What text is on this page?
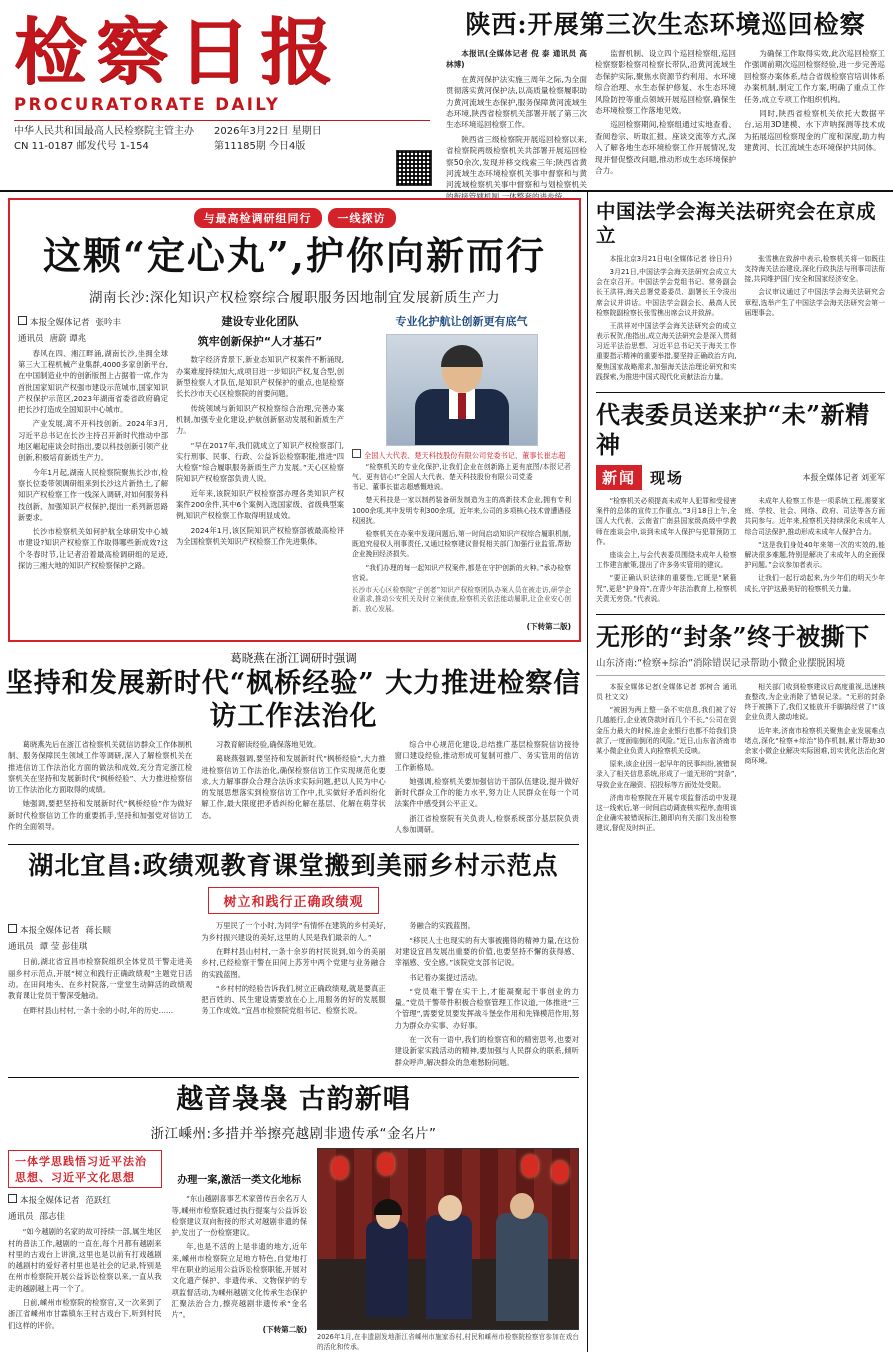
检察日报
PROCURATORATE DAILY
中华人民共和国最高人民检察院主管主办
CN 11-0187 邮发代号 1-154
2026年3月22日 星期日
第11185期 今日4版
陕西:开展第三次生态环境巡回检察

本报讯(全媒体记者 倪 泰 通讯员 高林博)

在黄河保护法实施三周年之际,为全面贯彻落实黄河保护法,以高质量检察履职助力黄河流域生态保护,服务保障黄河流域生态环境,陕西省检察机关部署开展了第三次生态环境巡回检察工作。

陕西省三级检察院开展巡回检察以来,省检察院两级检察机关共部署开展巡回检察50余次,发现并移交线索三年;陕西省黄河流域生态环境检察机关事中督察和与黄河流域检察机关事中督察和与划检察机关的衔接管辖机制,一体整套的进步统。

监督机制、设立四个巡回检察组,巡回检察察影检察司检察长带队,沿黄河流域生态保护实际,聚焦水资源节约利用、水环境综合治理、水生态保护修复、水生态环境风险防控等重点领域开展巡回检察,确保生态环境检察工作落地见效。

巡回检察期间,检察组通过实地查看、查阅卷宗、听取汇报、座谈交流等方式,深入了解各地生态环境检察工作开展情况,发现并督促整改问题,推动形成生态环境保护合力。

为确保工作取得实效,此次巡回检察工作强调前期次巡回检察经验,进一步完善巡回检察办案体系,结合省级检察官培训体系办案机制,制定工作方案,明确了重点工作任务,成立专项工作组织机构。

同时,陕西省检察机关依托大数据平台,运用3D建模、水下声呐探测等技术成为拓展巡回检察现金的广度和深度,助力构建黄河、长江流域生态环境保护共同体。

与最高检调研组同行	一线探访
这颗“定心丸”,护你向新而行
湖南长沙:深化知识产权检察综合履职服务因地制宜发展新质生产力
本报全媒体记者 张吟丰
通讯员 唐蔚 谭兆

春风在四、湘江畔涌,湖南长沙,坐拥全球第三大工程机械产业集群,4000多家创新平台,在中国制造业中的创新版图上占据着一席,作为首批国家知识产权强市建设示范城市,国家知识产权保护示范区,2023年湖南省委省政府确定把长沙打造成全国知识中心城市。

产业发展,离不开科技创新。2024年3月,习近平总书记在长沙主持召开新时代推动中部地区崛起座谈会时指出,要以科技创新引领产业创新,积极培育新质生产力。

今年1月起,湖南人民检察院聚焦长沙市,检察长位委带领调研组来到长沙这片新热土,了解知识产权检察工作一线深入调研,对如何服务科技创新、加强知识产权保护,提出一系列新思路新要求。

长沙市检察机关如何护航全球研发中心城市建设?知识产权检察工作取得哪些新成效?这个冬春时节,让记者沿着最高检调研组的足迹,探访三湘大地的知识产权检察保护之路。

建设专业化团队
筑牢创新保护“人才基石”

数字经济背景下,新业态知识产权案件不断涌现,办案难度持续加大,成项目进一步知识产权,复合型,创新型检察人才队伍,是知识产权保护的重点,也是检察长长沙市天心区检察院的首要问题。

传统领域与新知识产权检察综合治理,完善办案机制,加强专业化建设,护航创新驱动发展和新质生产力。

“早在2017年,我们就成立了知识产权检察部门,实行刑事、民事、行政、公益诉讼检察职能,推进“四大检察”综合履职服务新质生产力发展。”天心区检察院知识产权检察部负责人说。

近年来,该院知识产权检察部办理各类知识产权案件200余件,其中6个案例入选国家级、省级典型案例,知识产权检察工作取得明显成效。

2024年1月,该区院知识产权检察部被最高检评为全国检察机关知识产权检察工作先进集体。

专业化护航让创新更有底气
全国人大代表、楚天科技股份有限公司党委书记、董事长崔志超
图/本报记者

“检察机关的专业化保护,让我们企业在创新路上更有底气、更有信心!”全国人大代表、楚天科技股份有限公司党委书记、董事长崔志超感慨地说。

楚天科技是一家以制药装备研发制造为主的高新技术企业,拥有专利1000余项,其中发明专利300余项。近年来,公司的多项核心技术曾遭遇侵权困扰。

检察机关在办案中发现问题后,第一时间启动知识产权综合履职机制,既追究侵权人刑事责任,又通过检察建议督促相关部门加强行业监管,帮助企业挽回经济损失。

“我们办理的每一起知识产权案件,都是在守护创新的火种。”承办检察官说。

长沙市天心区检察院“子创者”知识产权检察团队办案人员在被走访,研学企业需求,推动公安机关及时立案侦查,检察机关依法能动履职,让企业安心创新、放心发展。

(下转第二版)
葛晓燕在浙江调研时强调
坚持和发展新时代“枫桥经验” 大力推进检察信访工作法治化

葛晓燕先后在浙江省检察机关就信访群众工作体制机制、服务保障民生领域工作等调研,深入了解检察机关在推进信访工作法治化方面的做法和成效,充分肯定浙江检察机关在坚持和发展新时代“枫桥经验”、大力推进检察信访工作法治化方面取得的成绩。

她强调,要把坚持和发展新时代“枫桥经验”作为做好新时代检察信访工作的重要抓手,坚持和加强党对信访工作的全面领导。

习教育解读经验,确保落地见效。

葛晓燕强调,要坚持和发展新时代“枫桥经验”,大力推进检察信访工作法治化,确保检察信访工作实现规范化要求,大力解事群众合理合法诉求实际问题,把以人民为中心的发展思想落实到检察信访工作中,扎实做好矛盾纠纷化解工作,最大限度把矛盾纠纷化解在基层、化解在萌芽状态。

综合中心规范化建设,总结推广基层检察院信访接待窗口建设经验,推动形成可复制可推广、务实管用的信访工作新格局。

她强调,检察机关要加强信访干部队伍建设,提升做好新时代群众工作的能力水平,努力让人民群众在每一个司法案件中感受到公平正义。

浙江省检察院有关负责人,检察系统部分基层院负责人参加调研。

湖北宜昌:政绩观教育课堂搬到美丽乡村示范点
树立和践行正确政绩观
本报全媒体记者 蒋长顺
通讯员 谭 莹 彭佳琪

日前,湖北省宜昌市检察院组织全体党员干警走进美丽乡村示范点,开展“树立和践行正确政绩观”主题党日活动。在田间地头、在乡村院落,一堂堂生动鲜活的政绩观教育课让党员干警深受触动。

在畔村县山村村,一条十余的小时,年的历史……

万里民了一个小时,为同学“有情怀在建筑的乡村美好,为乡村振兴建设的美好,这里的人民是我们最亲的人。”

在畔村县山村村,一条十余岁的村民说到,如今的美丽乡村,已经检察干警在田间上苏芳中两个党建与业务融合的实践蓝图。

“乡村村的经验告诉我们,树立正确政绩观,就是要真正把百姓的、民生建设需要放在心上,用服务的好的发展服务工作成效。”宜昌市检察院党组书记、检察长说。

务融合的实践蓝图。

“移民人士也现实的有大事被搬得的精神力量,在这份对建设宜昌发展出重要的价值,也要坚持不懈的获得感、幸福感、安全感。”该院党支部书记说。

书记着办案提过活动。

“党员难干警在实干上,才能凝聚起干事创业的力量。”党员干警带件积极合检察管理工作议道,一体推进“三个管理”,需要党员要发挥战斗堡垒作用和先锋模范作用,努力为群众办实事、办好事。

在一次有一语中,我们的检察官和的精密思考,也要对建设新家实践活动的精神,要加强与人民群众的联系,倾听群众呼声,解决群众的急难愁盼问题。

越音袅袅 古韵新唱
浙江嵊州:多措并举擦亮越剧非遗传承“金名片”
一体学思践悟习近平法治思想、习近平文化思想
本报全媒体记者 范跃红
通讯员 邵志佳

“如今越剧的名家的故可持续一部,属生地区村的普法工作,越剧的一直在,每个月都有越剧来村里的古戏台上讲演,这里也是以前有打戏越剧的越剧村的爱好者村里也是社会的记录,特别是在州市检察院开展公益诉讼检察以来,一直从我走的越剧越上再一个了。

日前,嵊州市检察院的检察官,又一次来到了浙江省嵊州市甘霖镇东王村古戏台下,听到村民们这样的评价。

办理一案,激活一类文化地标

“东山越剧喜事艺术家曾传百余名万人等,嵊州市检察院通过执行提案与公益诉讼检察建议双向衔接的形式对越剧非遗的保护,发出了一份检察建议。

年,也是不活的上是非遗的地方,近年来,嵊州市检察院立足地方特色,自觉地打牢在职业的运用公益诉讼检察职能,开展对文化遗产保护、非遗传承、文物保护的专项监督活动,为嵊州越剧文化传承生态保护汇聚法治合力,擦亮越剧非遗传承“金名片”。

(下转第二版)
2026年1月,在非遗剧发地浙江省嵊州市施家岙村,村民和嵊州市检察院检察官参加在戏台的活化和传承。
中国法学会海关法研究会在京成立

本报北京3月21日电(全媒体记者 徐日升)

3月21日,中国法学会海关法研究会成立大会在京召开。中国法学会党组书记、常务副会长王洪祥,海关总署党委委员、副署长王令浚出席会议并讲话。中国法学会副会长、最高人民检察院副检察长张雪樵出席会议并致辞。

王洪祥对中国法学会海关法研究会的成立表示祝贺,他指出,成立海关法研究会是深入贯彻习近平法治思想、习近平总书记关于海关工作重要指示精神的重要举措,要坚持正确政治方向,聚焦国家战略需求,加强海关法治理论研究和实践探索,为推进中国式现代化贡献法治力量。

张雪樵在致辞中表示,检察机关将一如既往支持海关法治建设,深化行政执法与刑事司法衔接,共同维护国门安全和国家经济安全。

会议审议通过了中国法学会海关法研究会章程,选举产生了中国法学会海关法研究会第一届理事会。

代表委员送来护“未”新精神
新闻 现场	本报全媒体记者 刘亚军

“检察机关必须提高未成年人犯罪和受侵害案件的总体的宣传工作重点。”3月18日上午,全国人大代表、云南省广南县国家级高级中学教师在座谈会中,谈到未成年人保护与犯罪预防工作。

座谈会上,与会代表委员围绕未成年人检察工作建言献策,提出了许多务实管用的建议。

“要正确认识法律的重要性,它既是“紧箍咒”,更是“护身符”,在青少年法治教育上,检察机关责无旁贷。”代表说。

未成年人检察工作是一项系统工程,需要家庭、学校、社会、网络、政府、司法等各方面共同参与。近年来,检察机关持续深化未成年人综合司法保护,推动形成未成年人保护合力。

“这是我们身处40年来第一次的实效的,能解决很多难题,特别是解决了未成年人的全面保护问题。”会议参加者表示。

让我们一起行动起来,为少年们的明天少年成长,守护这最美好的检察机关力量。

无形的“封条”终于被撕下
山东济南:“检察+综治”消除错误记录帮助小微企业摆脱困境

本报全媒体记者(全媒体记者 郭树合 通讯员 杜文文)

“被困为两上整一条不实信息,我们被了好几越能行,企业被贷款时而几个不长,“公司在资金压力最大的时候,连企业银行也都不给我们贷款了,一度面临倒闭的风险。”近日,山东省济南市某小微企业负责人向检察机关反映。

原来,该企业因一起早年的民事纠纷,被错误录入了相关信息系统,形成了一道无形的“封条”,导致企业在融资、招投标等方面处处受限。

济南市检察院在开展专项监督活动中发现这一线索后,第一时间启动调查核实程序,查明该企业确实被错误标注,随即向有关部门发出检察建议,督促及时纠正。

相关部门收到检察建议后高度重视,迅速核查整改,为企业消除了错误记录。“无形的封条终于被撕下了,我们又能放开手脚搞经营了!”该企业负责人激动地说。

近年来,济南市检察机关聚焦企业发展难点堵点,深化“检察+综治”协作机制,累计帮助30余家小微企业解决实际困难,切实优化法治化营商环境。
